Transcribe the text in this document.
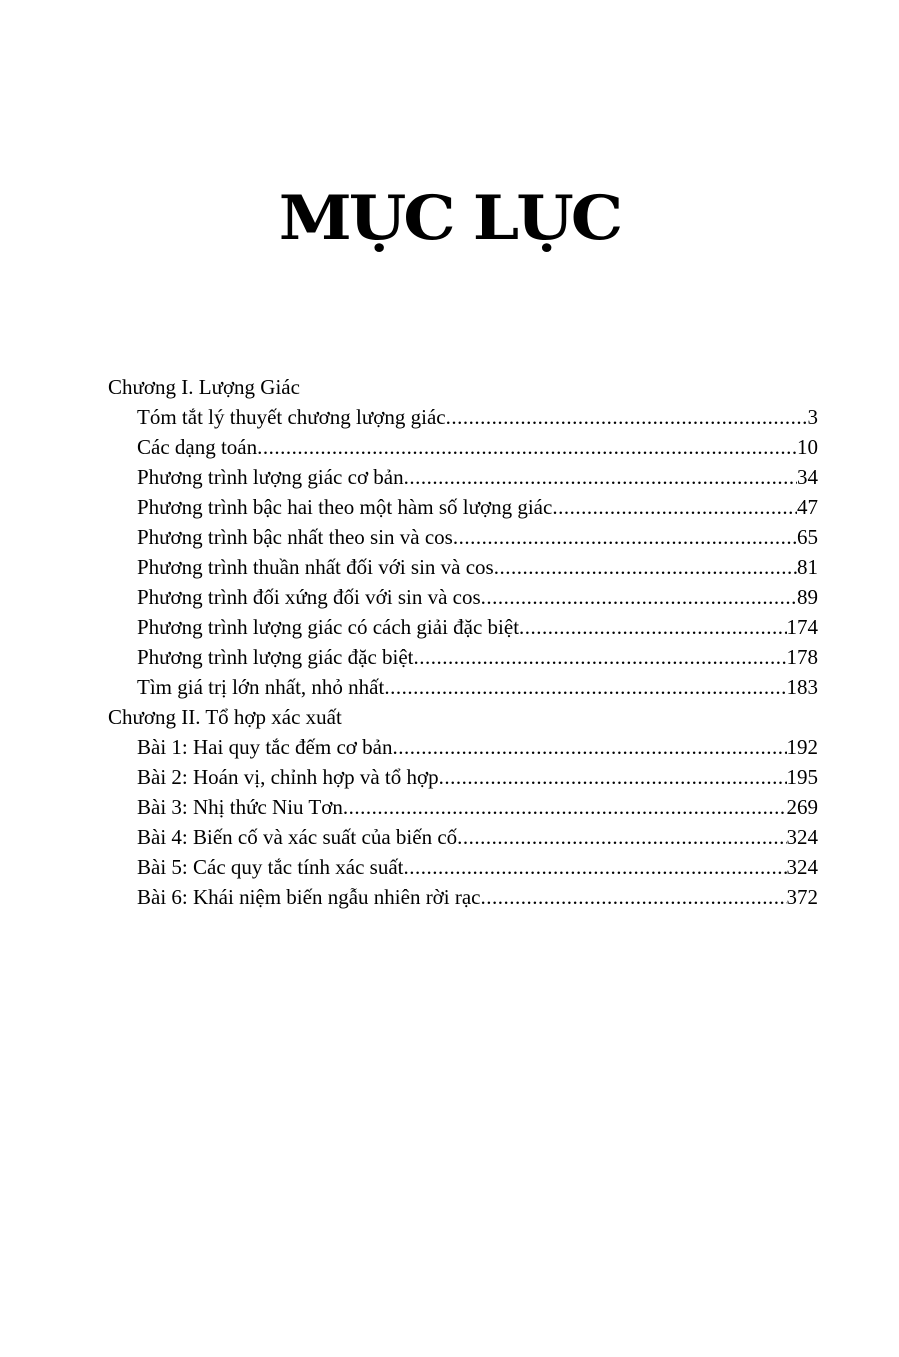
MỤC LỤC
Chương I. Lượng Giác
Tóm tắt lý thuyết chương lượng giác .....	3
Các dạng toán .....	10
Phương trình lượng giác cơ bản .....	34
Phương trình bậc hai theo một hàm số lượng giác .....	47
Phương trình bậc nhất theo sin và cos .....	65
Phương trình thuần nhất đối với sin và cos .....	81
Phương trình đối xứng đối với sin và cos .....	89
Phương trình lượng giác có cách giải đặc biệt .....	174
Phương trình lượng giác đặc biệt .....	178
Tìm giá trị lớn nhất, nhỏ nhất .....	183
Chương II. Tổ hợp xác xuất
Bài 1: Hai quy tắc đếm cơ bản .....	192
Bài 2: Hoán vị, chỉnh hợp và tổ hợp .....	195
Bài 3: Nhị thức Niu Tơn .....	269
Bài 4: Biến cố và xác suất của biến cố .....	324
Bài 5: Các quy tắc tính xác suất .....	324
Bài 6: Khái niệm biến ngẫu nhiên rời rạc .....	372
